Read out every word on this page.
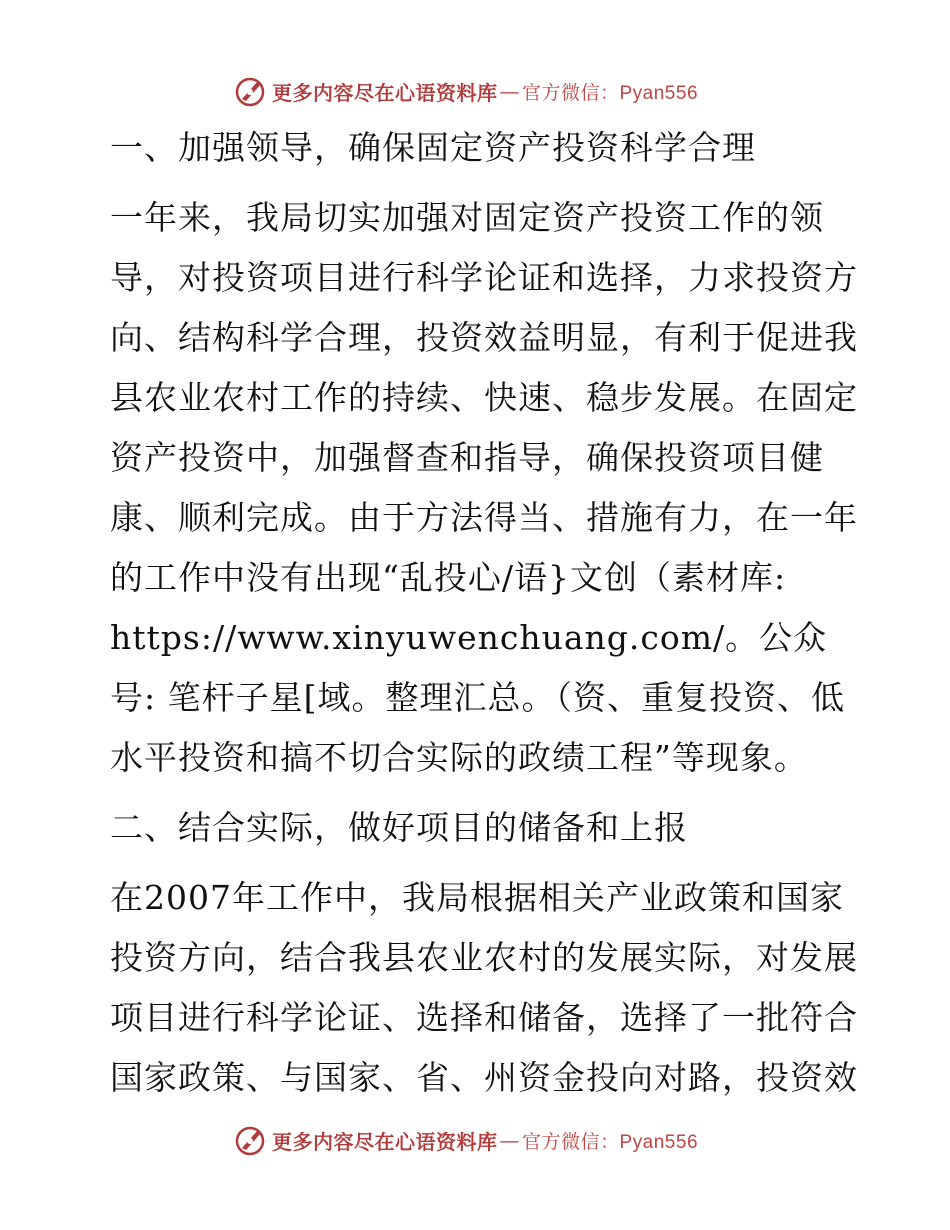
更多内容尽在心语资料库 — 官方微信：Pyan556

一、加强领导，确保固定资产投资科学合理

一年来，我局切实加强对固定资产投资工作的领导，对投资项目进行科学论证和选择，力求投资方向、结构科学合理，投资效益明显，有利于促进我县农业农村工作的持续、快速、稳步发展。在固定资产投资中，加强督查和指导，确保投资项目健康、顺利完成。由于方法得当、措施有力，在一年的工作中没有出现“乱投心/语}文创（素材库: https://www.xinyuwenchuang.com/。公众号: 笔杆子星[域。整理汇总。（资、重复投资、低水平投资和搞不切合实际的政绩工程”等现象。

二、结合实际，做好项目的储备和上报

在2007年工作中，我局根据相关产业政策和国家投资方向，结合我县农业农村的发展实际，对发展项目进行科学论证、选择和储备，选择了一批符合国家政策、与国家、省、州资金投向对路，投资效

更多内容尽在心语资料库 — 官方微信：Pyan556
